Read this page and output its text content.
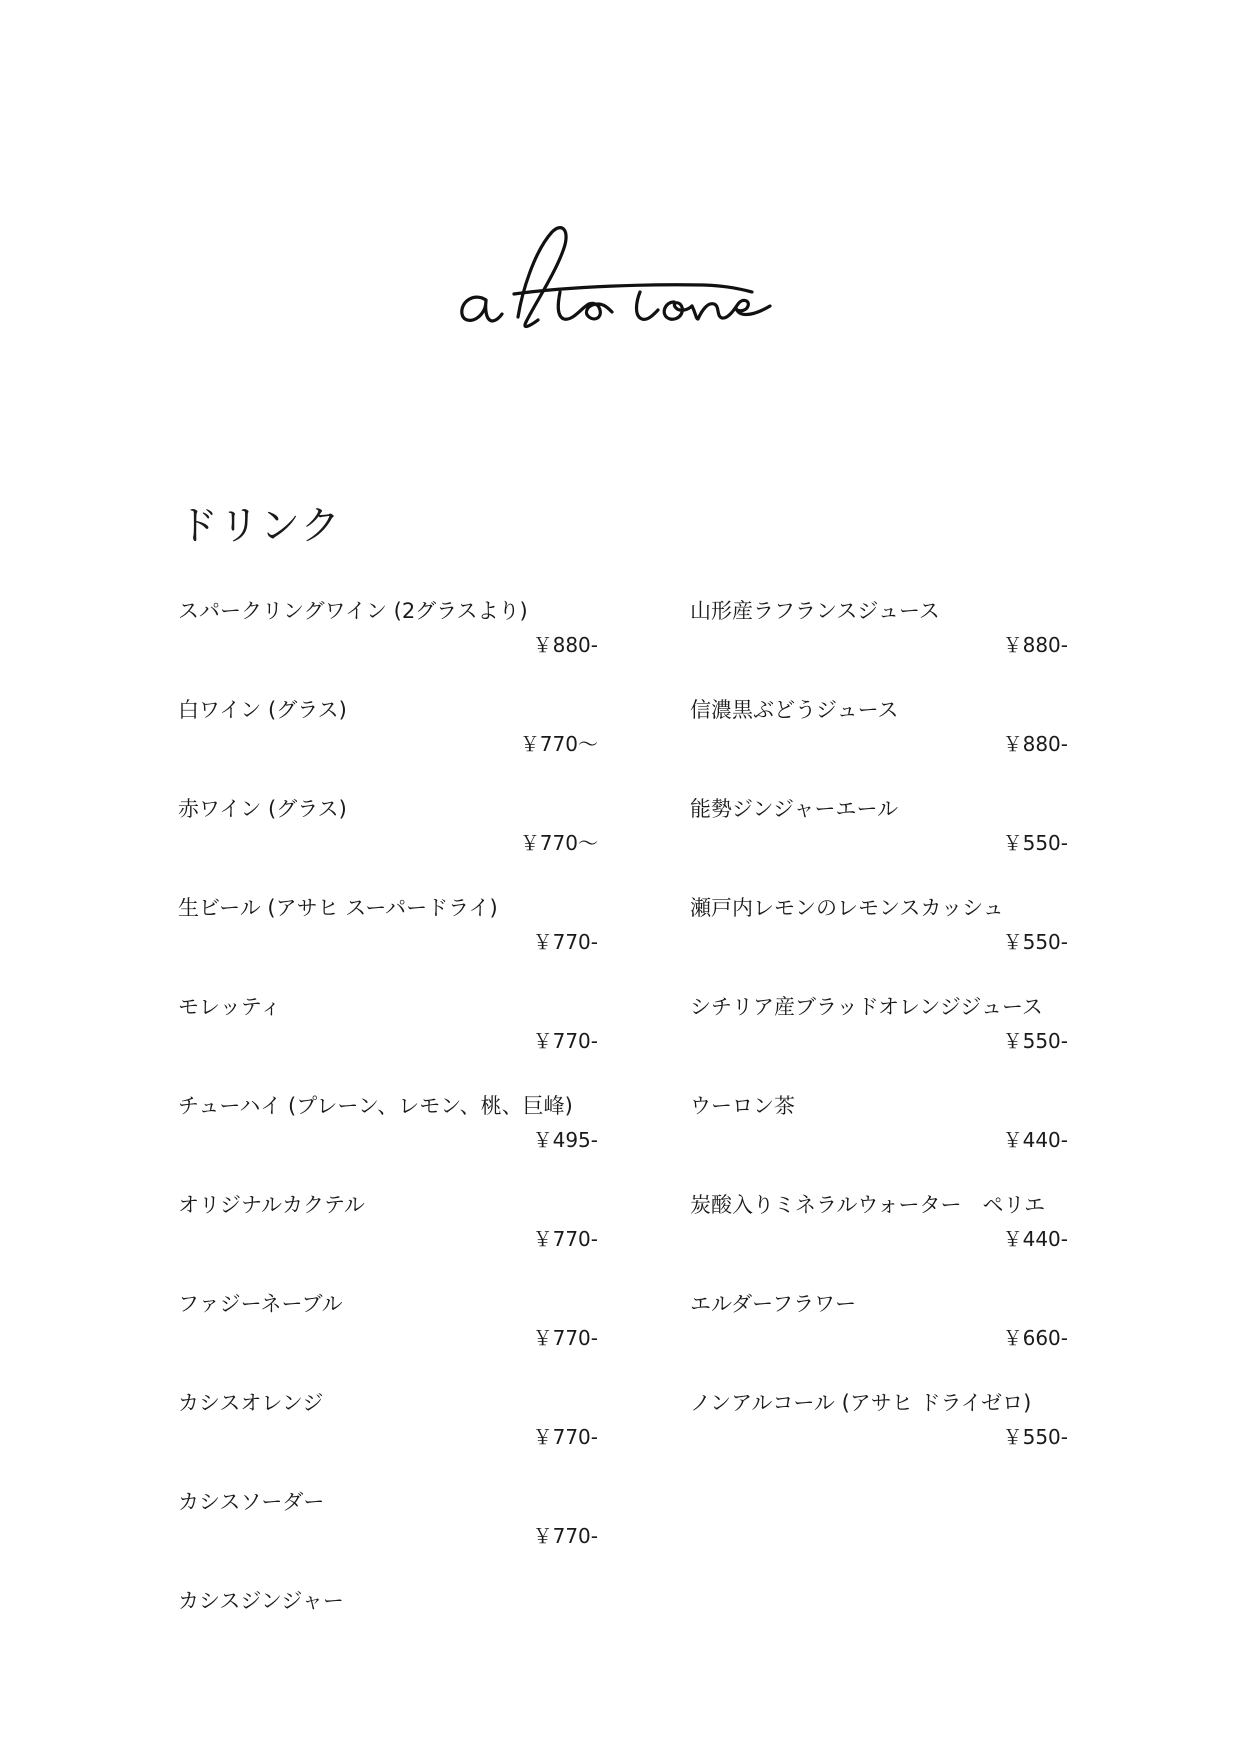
ドリンク
スパークリングワイン (2グラスより)
￥880-
白ワイン (グラス)
￥770〜
赤ワイン (グラス)
￥770〜
生ビール (アサヒ スーパードライ)
￥770-
モレッティ
￥770-
チューハイ (プレーン、レモン、桃、巨峰)
￥495-
オリジナルカクテル
￥770-
ファジーネーブル
￥770-
カシスオレンジ
￥770-
カシスソーダー
￥770-
カシスジンジャー
山形産ラフランスジュース
￥880-
信濃黒ぶどうジュース
￥880-
能勢ジンジャーエール
￥550-
瀬戸内レモンのレモンスカッシュ
￥550-
シチリア産ブラッドオレンジジュース
￥550-
ウーロン茶
￥440-
炭酸入りミネラルウォーター　ペリエ
￥440-
エルダーフラワー
￥660-
ノンアルコール (アサヒ ドライゼロ)
￥550-
